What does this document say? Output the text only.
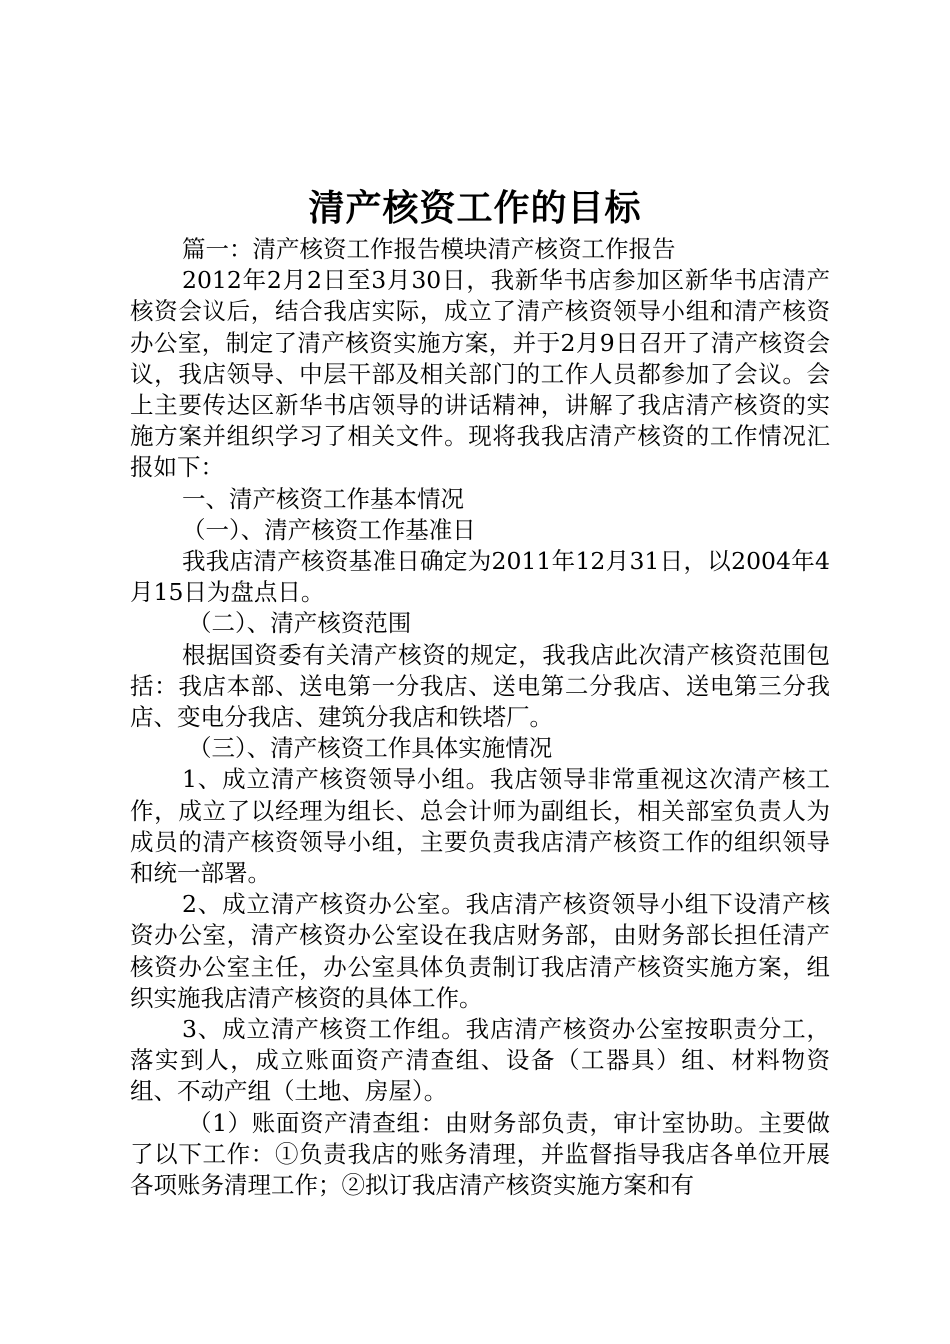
清产核资工作的目标

篇一：清产核资工作报告模块清产核资工作报告

2012年2月2日至3月30日，我新华书店参加区新华书店清产核资会议后，结合我店实际，成立了清产核资领导小组和清产核资办公室，制定了清产核资实施方案，并于2月9日召开了清产核资会议，我店领导、中层干部及相关部门的工作人员都参加了会议。会上主要传达区新华书店领导的讲话精神，讲解了我店清产核资的实施方案并组织学习了相关文件。现将我我店清产核资的工作情况汇报如下：

一、清产核资工作基本情况

（一）、清产核资工作基准日

我我店清产核资基准日确定为2011年12月31日，以2004年4月15日为盘点日。

（二）、清产核资范围

根据国资委有关清产核资的规定，我我店此次清产核资范围包括：我店本部、送电第一分我店、送电第二分我店、送电第三分我店、变电分我店、建筑分我店和铁塔厂。

（三）、清产核资工作具体实施情况

1、成立清产核资领导小组。我店领导非常重视这次清产核工作，成立了以经理为组长、总会计师为副组长，相关部室负责人为成员的清产核资领导小组，主要负责我店清产核资工作的组织领导和统一部署。

2、成立清产核资办公室。我店清产核资领导小组下设清产核资办公室，清产核资办公室设在我店财务部，由财务部长担任清产核资办公室主任，办公室具体负责制订我店清产核资实施方案，组织实施我店清产核资的具体工作。

3、成立清产核资工作组。我店清产核资办公室按职责分工，落实到人，成立账面资产清查组、设备（工器具）组、材料物资组、不动产组（土地、房屋）。

（1）账面资产清查组：由财务部负责，审计室协助。主要做了以下工作：①负责我店的账务清理，并监督指导我店各单位开展各项账务清理工作；②拟订我店清产核资实施方案和有
